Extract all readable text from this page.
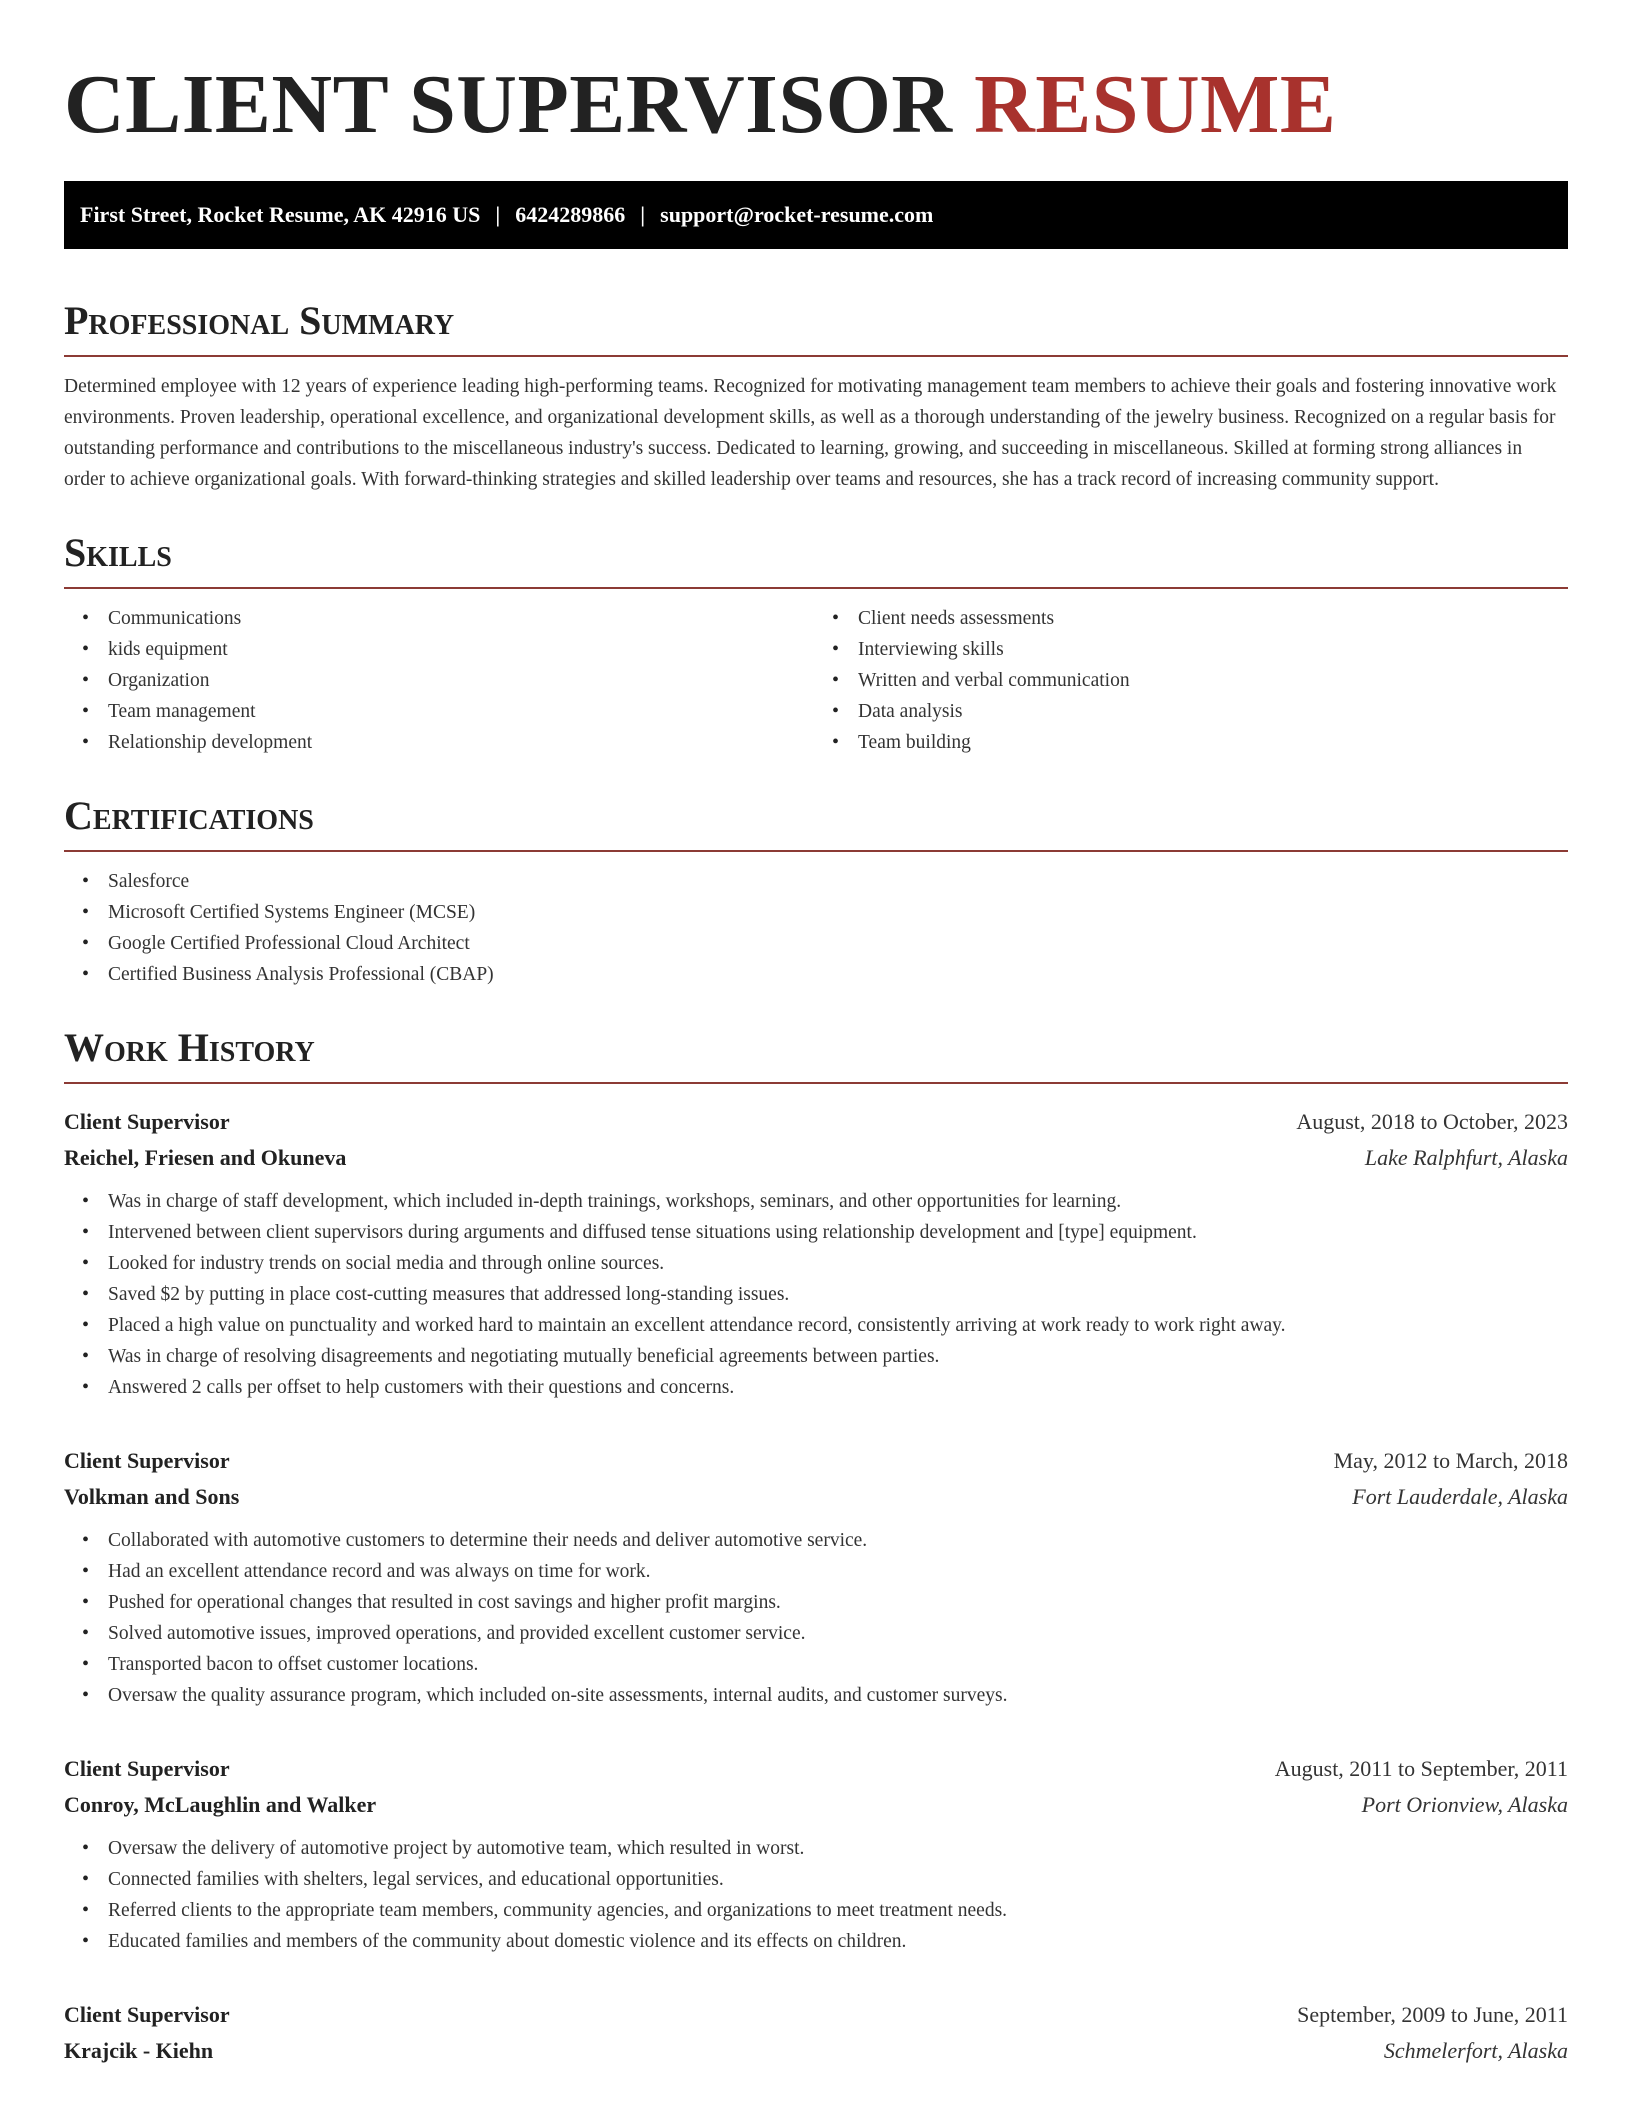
CLIENT SUPERVISOR RESUME
First Street, Rocket Resume, AK 42916 US | 6424289866 | support@rocket-resume.com
Professional Summary

Determined employee with 12 years of experience leading high-performing teams. Recognized for motivating management team members to achieve their goals and fostering innovative work environments. Proven leadership, operational excellence, and organizational development skills, as well as a thorough understanding of the jewelry business. Recognized on a regular basis for outstanding performance and contributions to the miscellaneous industry's success. Dedicated to learning, growing, and succeeding in miscellaneous. Skilled at forming strong alliances in order to achieve organizational goals. With forward-thinking strategies and skilled leadership over teams and resources, she has a track record of increasing community support.

Skills
• Communications
• kids equipment
• Organization
• Team management
• Relationship development
• Client needs assessments
• Interviewing skills
• Written and verbal communication
• Data analysis
• Team building
Certifications
• Salesforce
• Microsoft Certified Systems Engineer (MCSE)
• Google Certified Professional Cloud Architect
• Certified Business Analysis Professional (CBAP)
Work History
Client Supervisor	August, 2018 to October, 2023
Reichel, Friesen and Okuneva	Lake Ralphfurt, Alaska
• Was in charge of staff development, which included in-depth trainings, workshops, seminars, and other opportunities for learning.
• Intervened between client supervisors during arguments and diffused tense situations using relationship development and [type] equipment.
• Looked for industry trends on social media and through online sources.
• Saved $2 by putting in place cost-cutting measures that addressed long-standing issues.
• Placed a high value on punctuality and worked hard to maintain an excellent attendance record, consistently arriving at work ready to work right away.
• Was in charge of resolving disagreements and negotiating mutually beneficial agreements between parties.
• Answered 2 calls per offset to help customers with their questions and concerns.
Client Supervisor	May, 2012 to March, 2018
Volkman and Sons	Fort Lauderdale, Alaska
• Collaborated with automotive customers to determine their needs and deliver automotive service.
• Had an excellent attendance record and was always on time for work.
• Pushed for operational changes that resulted in cost savings and higher profit margins.
• Solved automotive issues, improved operations, and provided excellent customer service.
• Transported bacon to offset customer locations.
• Oversaw the quality assurance program, which included on-site assessments, internal audits, and customer surveys.
Client Supervisor	August, 2011 to September, 2011
Conroy, McLaughlin and Walker	Port Orionview, Alaska
• Oversaw the delivery of automotive project by automotive team, which resulted in worst.
• Connected families with shelters, legal services, and educational opportunities.
• Referred clients to the appropriate team members, community agencies, and organizations to meet treatment needs.
• Educated families and members of the community about domestic violence and its effects on children.
Client Supervisor	September, 2009 to June, 2011
Krajcik - Kiehn	Schmelerfort, Alaska
